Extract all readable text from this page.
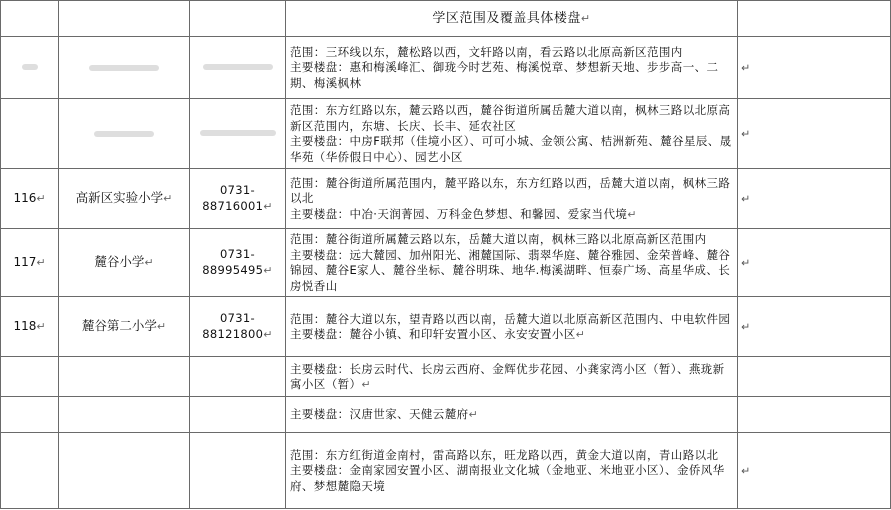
			学区范围及覆盖具体楼盘↵	

			范围：三环线以东，麓松路以西，文轩路以南，看云路以北原高新区范围内

主要楼盘：惠和梅溪峰汇、御珑今时艺苑、梅溪悦章、梦想新天地、步步高一、二期、梅溪枫林	↵

			范围：东方红路以东，麓云路以西，麓谷街道所属岳麓大道以南，枫林三路以北原高新区范围内，东塘、长庆、长丰、延农社区

主要楼盘：中房F联邦（佳境小区）、可可小城、金领公寓、桔洲新苑、麓谷星辰、晟华苑（华侨假日中心）、园艺小区	↵

116↵	高新区实验小学↵	0731-88716001↵	范围：麓谷街道所属范围内，麓平路以东，东方红路以西，岳麓大道以南，枫林三路以北

主要楼盘：中冶·天润菁园、万科金色梦想、和馨园、爱家当代境↵	↵

117↵	麓谷小学↵	0731-88995495↵	范围：麓谷街道所属麓云路以东，岳麓大道以南，枫林三路以北原高新区范围内

主要楼盘：远大麓园、加州阳光、湘麓国际、翡翠华庭、麓谷雅园、金荣普峰、麓谷锦园、麓谷E家人、麓谷坐标、麓谷明珠、地华.梅溪湖畔、恒泰广场、高星华成、长房悦香山	↵

118↵	麓谷第二小学↵	0731-88121800↵	范围：麓谷大道以东，望青路以西以南，岳麓大道以北原高新区范围内、中电软件园

主要楼盘：麓谷小镇、和印轩安置小区、永安安置小区↵	↵

			主要楼盘：长房云时代、长房云西府、金辉优步花园、小龚家湾小区（暂）、燕珑新寓小区（暂）↵	

			主要楼盘：汉唐世家、天健云麓府↵	

			范围：东方红街道金南村，雷高路以东，旺龙路以西，黄金大道以南，青山路以北

主要楼盘：金南家园安置小区、湖南报业文化城（金地亚、米地亚小区）、金侨风华府、梦想麓隐天境	↵
